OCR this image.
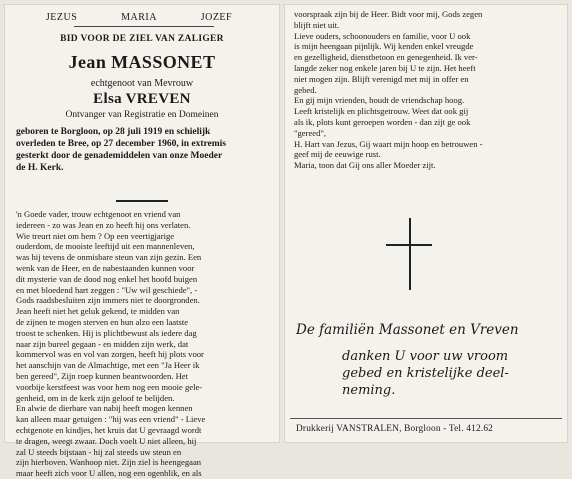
JEZUS	MARIA	JOZEF
BID VOOR DE ZIEL VAN ZALIGER
Jean MASSONET
echtgenoot van Mevrouw
Elsa VREVEN
Ontvanger van Registratie en Domeinen
geboren te Borgloon, op 28 juli 1919 en schielijk
overleden te Bree, op 27 december 1960, in extremis
gesterkt door de genademiddelen van onze Moeder
de H. Kerk.
'n Goede vader, trouw echtgenoot en vriend van
iedereen - zo was Jean en zo heeft hij ons verlaten.
Wie treurt niet om hem ? Op een veertigjarige
ouderdom, de mooiste leeftijd uit een mannenleven,
was hij tevens de onmisbare steun van zijn gezin. Een
wenk van de Heer, en de nabestaanden kunnen voor
dit mysterie van de dood nog enkel het hoofd buigen
en met bloedend hart zeggen : "Uw wil geschiede", -
Gods raadsbesluiten zijn immers niet te doorgronden.
Jean heeft niet het geluk gekend, te midden van
de zijnen te mogen sterven en hun alzo een laatste
troost te schenken. Hij is plichtbewust als iedere dag
naar zijn bureel gegaan - en midden zijn werk, dat
kommervol was en vol van zorgen, heeft hij plots voor
het aanschijn van de Almachtige, met een "Ja Heer ik
ben gereed", Zijn roep kunnen beantwoorden. Het
voorbije kerstfeest was voor hem nog een mooie gele-
genheid, om in de kerk zijn geloof te belijden.
En alwie de dierbare van nabij heeft mogen kennen
kan alleen maar getuigen : "hij was een vriend" - Lieve
echtgenote en kindjes, het kruis dat U gevraagd wordt
te dragen, weegt zwaar. Doch voelt U niet alleen, hij
zal U steeds bijstaan - hij zal steeds uw steun en
zijn hierboven. Wanhoop niet. Zijn ziel is heengegaan
maar heeft zich voor U allen, nog een ogenblik, en als
voorspraak zijn bij de Heer. Bidt voor mij, Gods zegen
blijft niet uit.
Lieve ouders, schoonouders en familie, voor U ook
is mijn heengaan pijnlijk. Wij kenden enkel vreugde
en gezelligheid, dienstbetoon en genegenheid. Ik ver-
langde zeker nog enkele jaren bij U te zijn. Het heeft
niet mogen zijn. Blijft verenigd met mij in offer en
gebed.
En gij mijn vrienden, houdt de vriendschap hoog.
Leeft kristelijk en plichtsgetrouw. Weet dat ook gij
als ik, plots kunt geroepen worden - dan zijt ge ook
"gereed",
H. Hart van Jezus, Gij waart mijn hoop en betrouwen -
geef mij de eeuwige rust.
Maria, toon dat Gij ons aller Moeder zijt.
De familiën Massonet en Vreven
danken U voor uw vroom
gebed en kristelijke deel-
neming.
Drukkerij VANSTRALEN, Borgloon - Tel. 412.62
